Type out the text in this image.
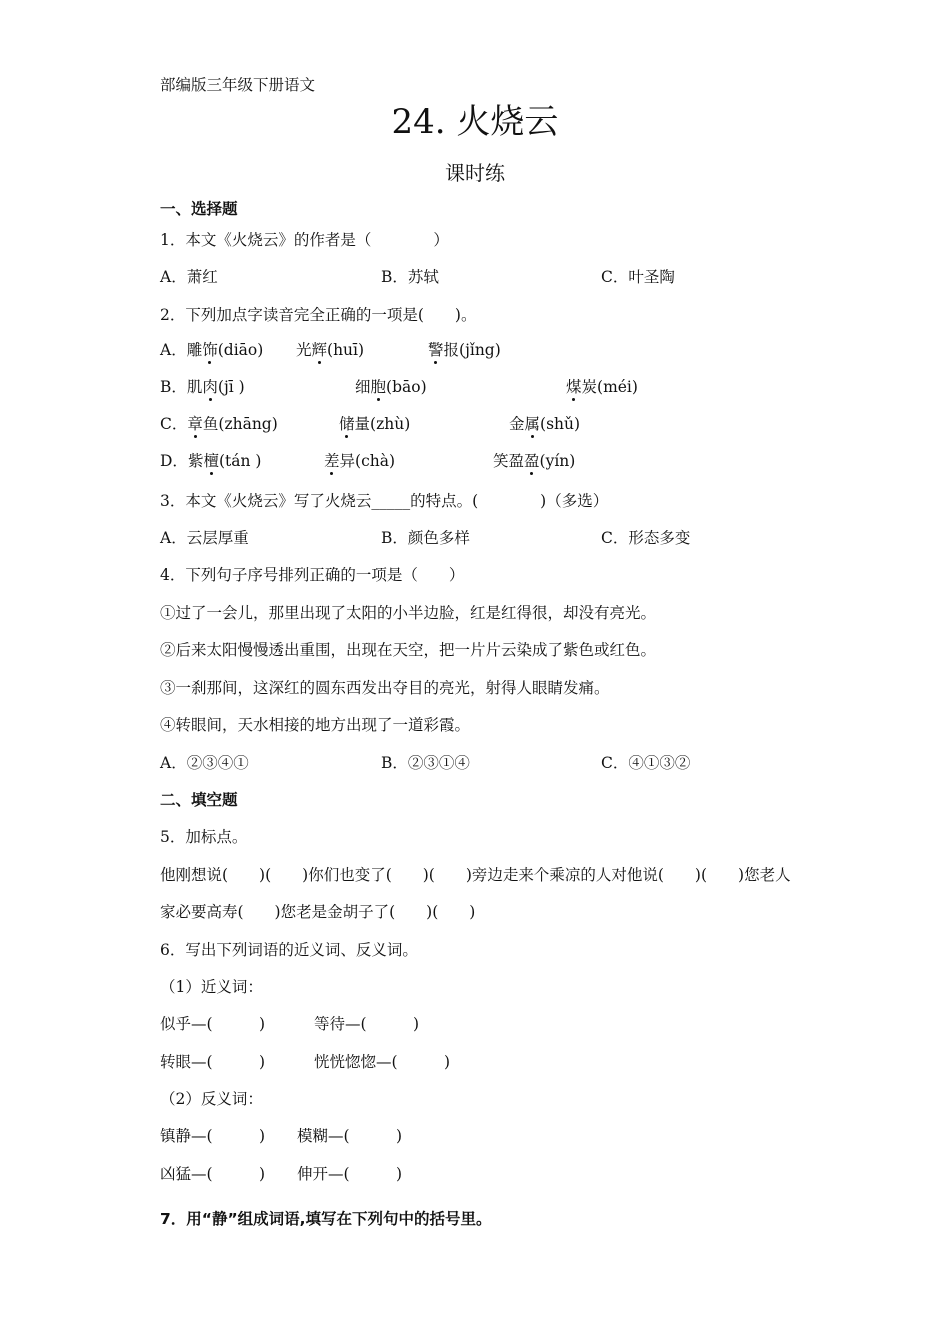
部编版三年级下册语文
24. 火烧云
课时练
一、选择题
1．本文《火烧云》的作者是（　　　　）
A．萧红	B．苏轼	C．叶圣陶
2．下列加点字读音完全正确的一项是(　　)。
A．雕饰(diāo) 光辉(huī)	警报(jǐng)
B．肌肉(jī )	细胞(bāo)	煤炭(méi)
C．章鱼(zhāng)	储量(zhù)	金属(shǔ)
D．紫檀(tán )	差异(chà)	笑盈盈(yín)
3．本文《火烧云》写了火烧云_____的特点。(　　　　)（多选）
A．云层厚重	B．颜色多样	C．形态多变
4．下列句子序号排列正确的一项是（　　）
①过了一会儿，那里出现了太阳的小半边脸，红是红得很，却没有亮光。
②后来太阳慢慢透出重围，出现在天空，把一片片云染成了紫色或红色。
③一刹那间，这深红的圆东西发出夺目的亮光，射得人眼睛发痛。
④转眼间，天水相接的地方出现了一道彩霞。
A．②③④①	B．②③①④	C．④①③②
二、填空题
5．加标点。
他刚想说(　　)(　　)你们也变了(　　)(　　)旁边走来个乘凉的人对他说(　　)(　　)您老人
家必要高寿(　　)您老是金胡子了(　　)(　　)
6．写出下列词语的近义词、反义词。
（1）近义词：
似乎—(　　　)	等待—(　　　)
转眼—(　　　)	恍恍惚惚—(　　　)
（2）反义词：
镇静—(　　　) 模糊—(　　　)
凶猛—(　　　) 伸开—(　　　)
7．用“静”组成词语,填写在下列句中的括号里。
